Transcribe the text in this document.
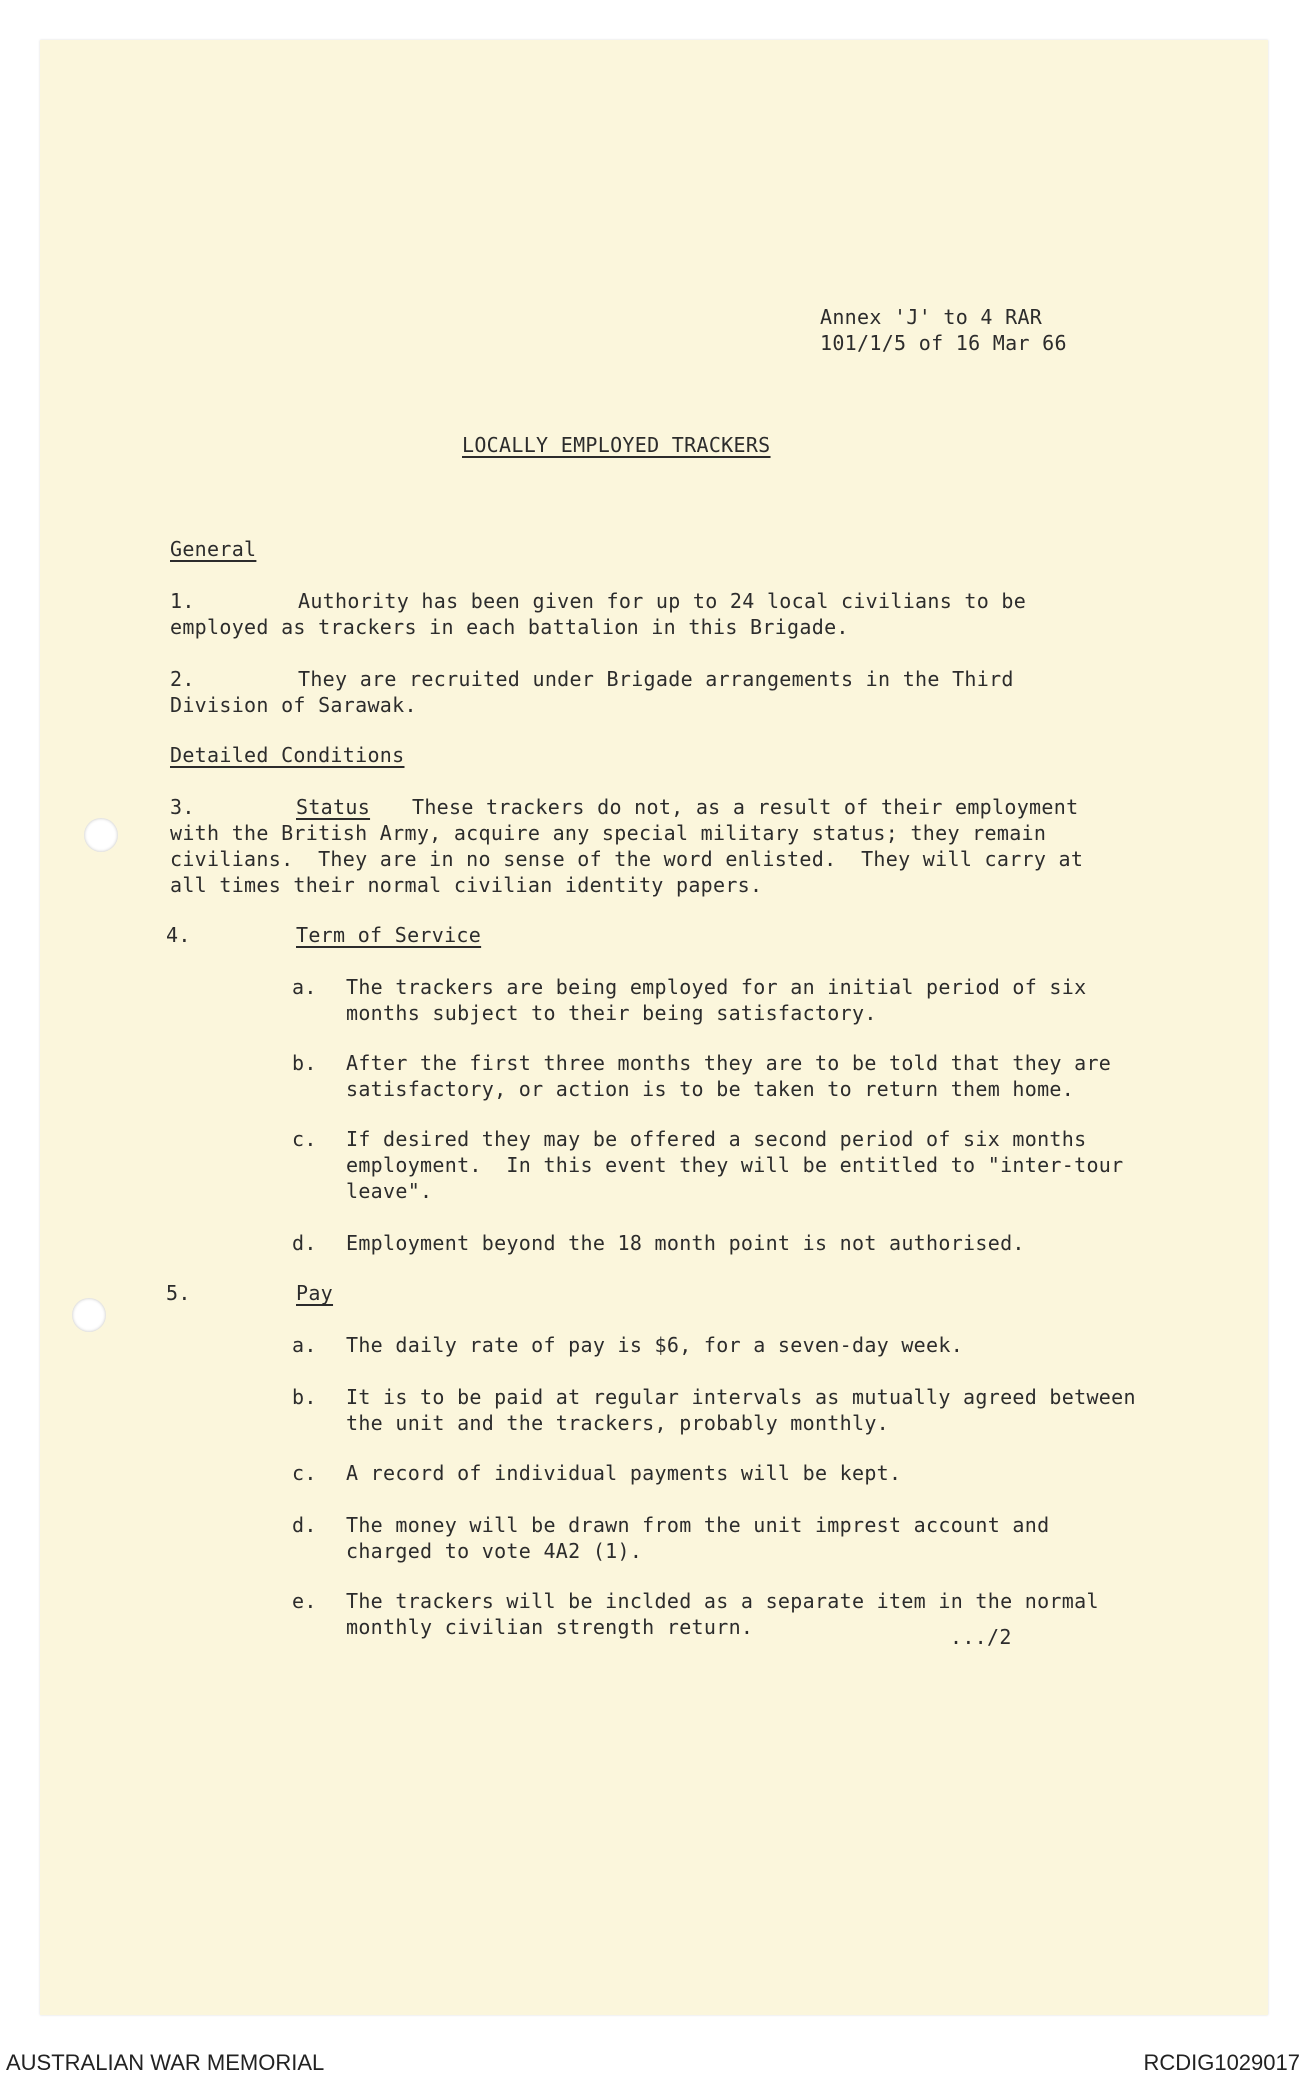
Annex 'J' to 4 RAR
101/1/5 of 16 Mar 66
LOCALLY EMPLOYED TRACKERS
General
1.	Authority has been given for up to 24 local civilians to be
employed as trackers in each battalion in this Brigade.
2.	They are recruited under Brigade arrangements in the Third
Division of Sarawak.
Detailed Conditions
3.	Status These trackers do not, as a result of their employment
with the British Army, acquire any special military status; they remain
civilians.  They are in no sense of the word enlisted.  They will carry at
all times their normal civilian identity papers.
4.	Term of Service
a. The trackers are being employed for an initial period of six
months subject to their being satisfactory.
b. After the first three months they are to be told that they are
satisfactory, or action is to be taken to return them home.
c. If desired they may be offered a second period of six months
employment.  In this event they will be entitled to "inter-tour
leave".
d. Employment beyond the 18 month point is not authorised.
5.	Pay
a. The daily rate of pay is $6, for a seven-day week.
b. It is to be paid at regular intervals as mutually agreed between
the unit and the trackers, probably monthly.
c. A record of individual payments will be kept.
d. The money will be drawn from the unit imprest account and
charged to vote 4A2 (1).
e. The trackers will be inclded as a separate item in the normal
monthly civilian strength return.	.../2
AUSTRALIAN WAR MEMORIAL	RCDIG1029017
